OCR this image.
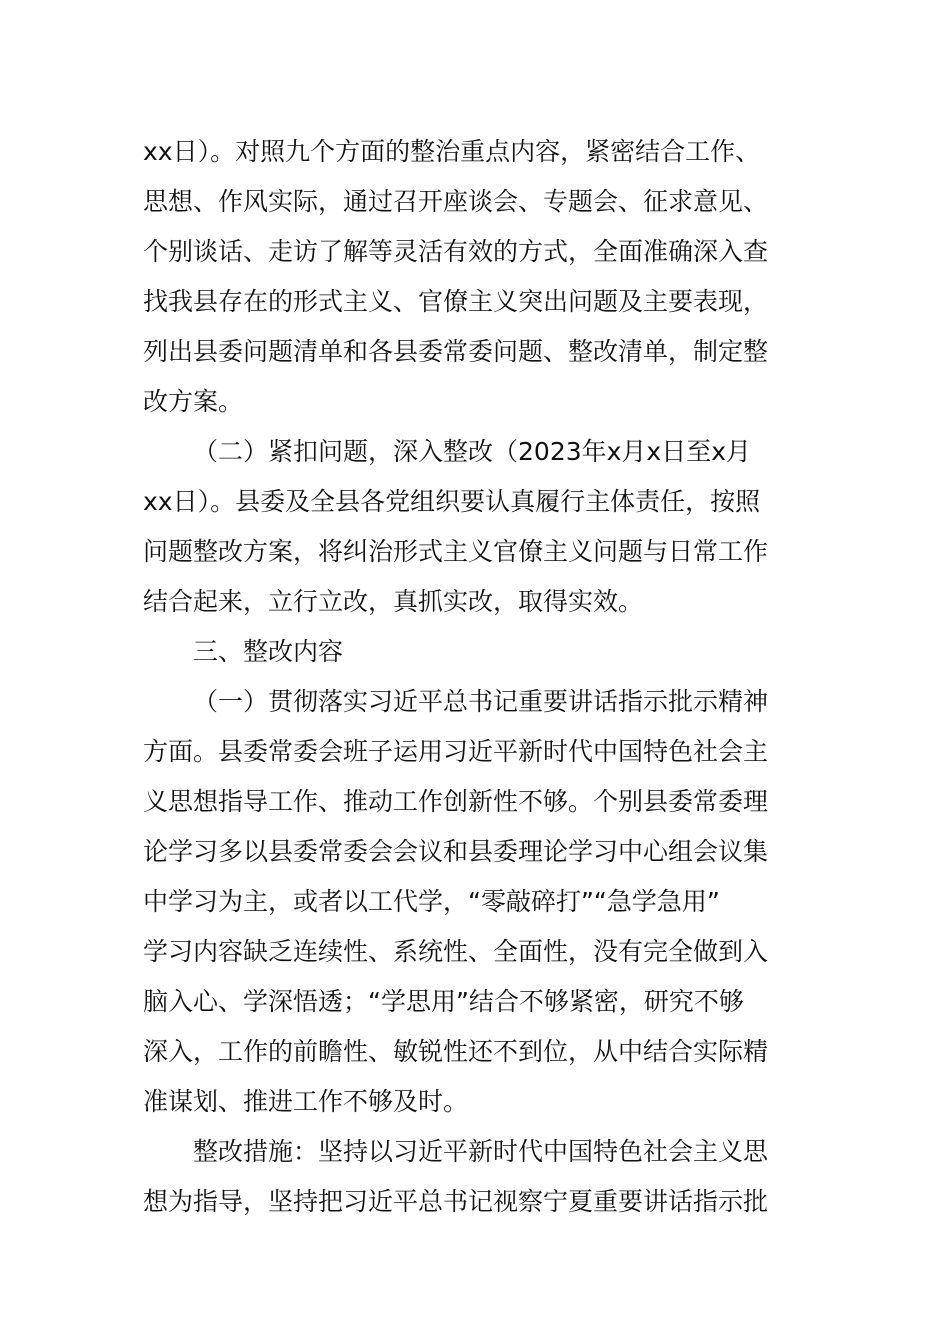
xx日）。对照九个方面的整治重点内容，紧密结合工作、
思想、作风实际，通过召开座谈会、专题会、征求意见、
个别谈话、走访了解等灵活有效的方式，全面准确深入查
找我县存在的形式主义、官僚主义突出问题及主要表现，
列出县委问题清单和各县委常委问题、整改清单，制定整
改方案。
（二）紧扣问题，深入整改（2023年x月x日至x月
xx日）。县委及全县各党组织要认真履行主体责任，按照
问题整改方案，将纠治形式主义官僚主义问题与日常工作
结合起来，立行立改，真抓实改，取得实效。
三、整改内容
（一）贯彻落实习近平总书记重要讲话指示批示精神
方面。县委常委会班子运用习近平新时代中国特色社会主
义思想指导工作、推动工作创新性不够。个别县委常委理
论学习多以县委常委会会议和县委理论学习中心组会议集
中学习为主，或者以工代学，“零敲碎打”“急学急用”
学习内容缺乏连续性、系统性、全面性，没有完全做到入
脑入心、学深悟透；“学思用”结合不够紧密，研究不够
深入，工作的前瞻性、敏锐性还不到位，从中结合实际精
准谋划、推进工作不够及时。
整改措施：坚持以习近平新时代中国特色社会主义思
想为指导，坚持把习近平总书记视察宁夏重要讲话指示批
